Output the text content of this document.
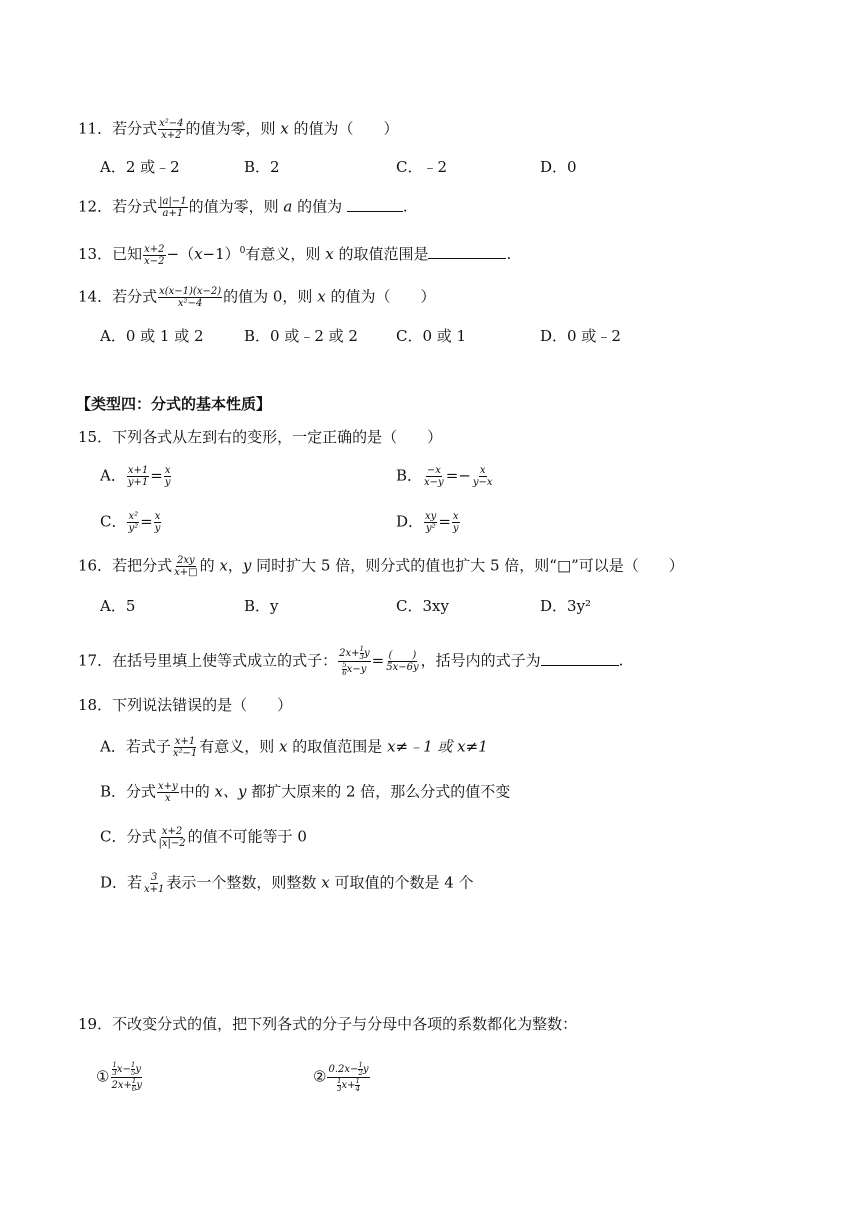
11．若分式 $\frac{\text{x²−4}}{x+2}$ 的值为零，则 x 的值为（　　）
A．2 或﹣2	B．2	C．﹣2	D．0
12．若分式 $\frac{|a|-1}{a+1}$ 的值为零，则 a 的值为	.
13．已知 $\frac{x+2}{x-2} -(x-1)^0$有意义，则 x 的取值范围是	.
14．若分式 $\frac{x(x-1)(x-2)}{\text{x²−4}}$ 的值为 0，则 x 的值为（　　）
A．0 或 1 或 2	B．0 或﹣2 或 2	C．0 或 1	D．0 或﹣2
【类型四：分式的基本性质】
15．下列各式从左到右的变形，一定正确的是（　　）
A． $\frac{x+1}{y+1} = \frac{x}{y}$	B． $\frac{-x}{x-y} =- \frac{x}{y-x}$
C． $\frac{\text{x²}}{\text{y²}} = \frac{x}{y}$	D． $\frac{xy}{\text{y²}} = \frac{x}{y}$
16．若把分式 $\frac{2xy}{x+□}$ 的 x，y 同时扩大 5 倍，则分式的值也扩大 5 倍，则“□”可以是（　　）
A．5	B．y	C．3xy	D．3y²
17．在括号里填上使等式成立的式子： $\frac{2x+ \frac{1}{3} y}{\frac{5}{6} x-y}$ = (　　)
5x−6y ，括号内的式子为	.
18．下列说法错误的是（　　）
A．若式子 $\frac{x+1}{\text{x²−1}}$ 有意义，则 x 的取值范围是 x≠﹣1 或 x≠1
B．分式 $\frac{x+y}{x}$ 中的 x、y 都扩大原来的 2 倍，那么分式的值不变
C．分式 $\frac{x+2}{|x|-2}$ 的值不可能等于 0
D．若 $\frac{3}{x+1}$ 表示一个整数，则整数 x 可取值的个数是 4 个
19．不改变分式的值，把下列各式的分子与分母中各项的系数都化为整数：
① $\frac{\frac{1}{3} x- \frac{1}{5} y}{2x+ \frac{1}{6} y}$	② $\frac{0.2x- \frac{1}{2} y}{\frac{1}{3} x+ \frac{1}{4}}$
